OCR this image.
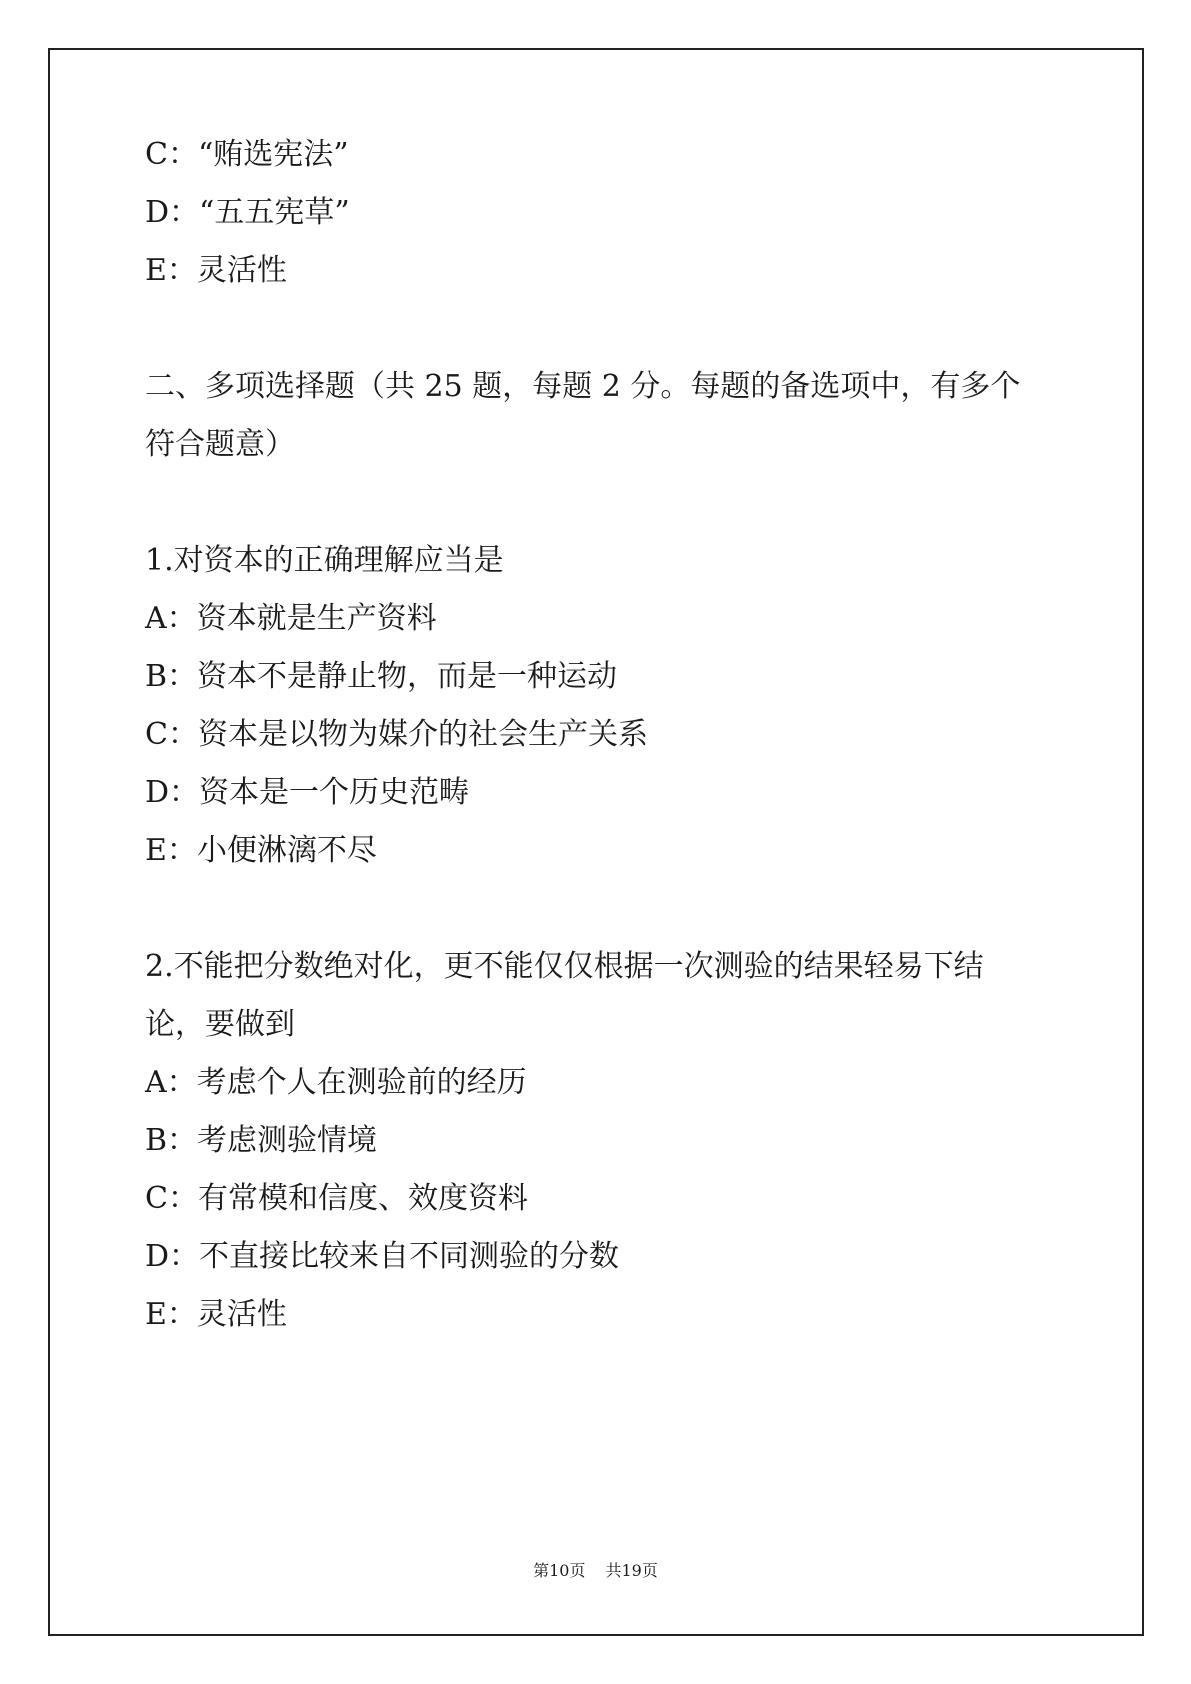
C：“贿选宪法”

D：“五五宪草”

E：灵活性

二、多项选择题（共 25 题，每题 2 分。每题的备选项中，有多个

符合题意）

1.对资本的正确理解应当是

A：资本就是生产资料

B：资本不是静止物，而是一种运动

C：资本是以物为媒介的社会生产关系

D：资本是一个历史范畴

E：小便淋漓不尽

2.不能把分数绝对化，更不能仅仅根据一次测验的结果轻易下结

论，要做到

A：考虑个人在测验前的经历

B：考虑测验情境

C：有常模和信度、效度资料

D：不直接比较来自不同测验的分数

E：灵活性

第10页 共19页
